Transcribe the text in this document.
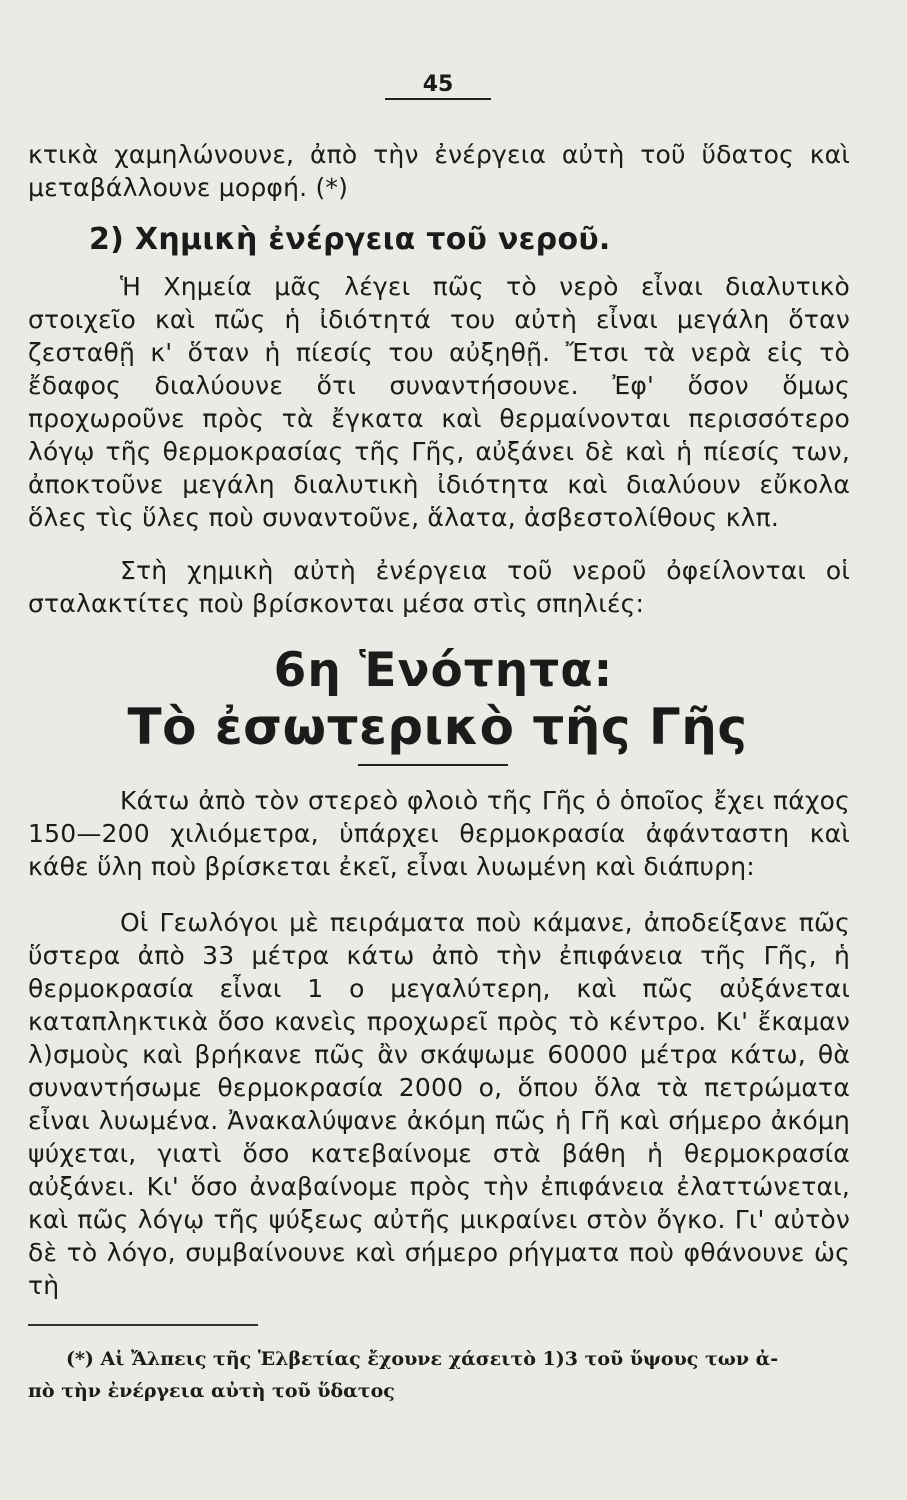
45

κτικὰ χαμηλώνουνε, ἀπὸ τὴν ἐνέργεια αὐτὴ τοῦ ὕδατος καὶ μεταβάλλουνε μορφή. (*)

2) Χημικὴ ἐνέργεια τοῦ νεροῦ.

Ἡ Χημεία μᾶς λέγει πῶς τὸ νερὸ εἶναι διαλυτικὸ στοιχεῖο καὶ πῶς ἡ ἰδιότητά του αὐτὴ εἶναι μεγάλη ὅταν ζεσταθῇ κ' ὅταν ἡ πίεσίς του αὐξηθῇ. Ἔτσι τὰ νερὰ εἰς τὸ ἔδαφος διαλύουνε ὅτι συναντήσουνε. Ἐφ' ὅσον ὅμως προχωροῦνε πρὸς τὰ ἔγκατα καὶ θερμαίνονται περισσότερο λόγῳ τῆς θερμοκρασίας τῆς Γῆς, αὐξάνει δὲ καὶ ἡ πίεσίς των, ἀποκτοῦνε μεγάλη διαλυτικὴ ἰδιότητα καὶ διαλύουν εὔκολα ὅλες τὶς ὕλες ποὺ συναντοῦνε, ἅλατα, ἀσβεστολίθους κλπ.

Στὴ χημικὴ αὐτὴ ἐνέργεια τοῦ νεροῦ ὀφείλονται οἱ σταλακτίτες ποὺ βρίσκονται μέσα στὶς σπηλιές:

6η Ἑνότητα:
Τὸ ἐσωτερικὸ τῆς Γῆς

Κάτω ἀπὸ τὸν στερεὸ φλοιὸ τῆς Γῆς ὁ ὁποῖος ἔχει πάχος 150—200 χιλιόμετρα, ὑπάρχει θερμοκρασία ἀφάνταστη καὶ κάθε ὕλη ποὺ βρίσκεται ἐκεῖ, εἶναι λυωμένη καὶ διάπυρη:

Οἱ Γεωλόγοι μὲ πειράματα ποὺ κάμανε, ἀποδείξανε πῶς ὕστερα ἀπὸ 33 μέτρα κάτω ἀπὸ τὴν ἐπιφάνεια τῆς Γῆς, ἡ θερμοκρασία εἶναι 1 ο μεγαλύτερη, καὶ πῶς αὐξάνεται καταπληκτικὰ ὅσο κανεὶς προχωρεῖ πρὸς τὸ κέντρο. Κι' ἔκαμαν λ)σμοὺς καὶ βρήκανε πῶς ἂν σκάψωμε 60000 μέτρα κάτω, θὰ συναντήσωμε θερμοκρασία 2000 ο, ὅπου ὅλα τὰ πετρώματα εἶναι λυωμένα. Ἀνακαλύψανε ἀκόμη πῶς ἡ Γῆ καὶ σήμερο ἀκόμη ψύχεται, γιατὶ ὅσο κατεβαίνομε στὰ βάθη ἡ θερμοκρασία αὐξάνει. Κι' ὅσο ἀναβαίνομε πρὸς τὴν ἐπιφάνεια ἐλαττώνεται, καὶ πῶς λόγῳ τῆς ψύξεως αὐτῆς μικραίνει στὸν ὄγκο. Γι' αὐτὸν δὲ τὸ λόγο, συμβαίνουνε καὶ σήμερο ρήγματα ποὺ φθάνουνε ὡς τὴ

(*) Αἱ Ἄλπεις τῆς Ἑλβετίας ἔχουνε χάσειτὸ 1)3 τοῦ ὕψους των ἀ-
πὸ τὴν ἐνέργεια αὐτὴ τοῦ ὕδατος
